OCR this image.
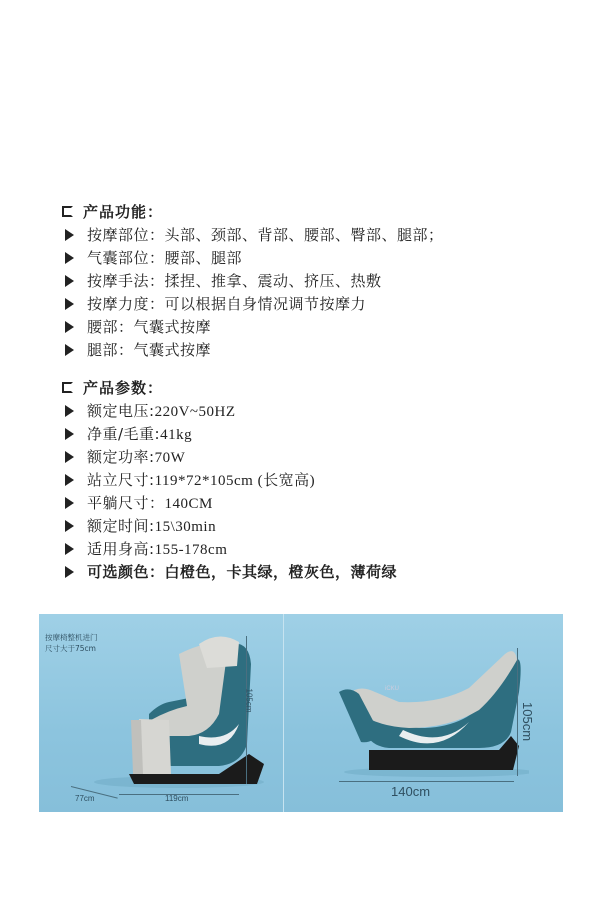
产品功能：
按摩部位：头部、颈部、背部、腰部、臀部、腿部；
气囊部位：腰部、腿部
按摩手法：揉捏、推拿、震动、挤压、热敷
按摩力度：可以根据自身情况调节按摩力
腰部：气囊式按摩
腿部：气囊式按摩
产品参数：
额定电压:220V~50HZ
净重/毛重:41kg
额定功率:70W
站立尺寸:119*72*105cm (长宽高)
平躺尺寸：140CM
额定时间:15\30min
适用身高:155-178cm
可选颜色：白橙色，卡其绿，橙灰色，薄荷绿
按摩椅整机进门
尺寸大于75cm
105cm
119cm
77cm
iCKU
105cm
140cm
